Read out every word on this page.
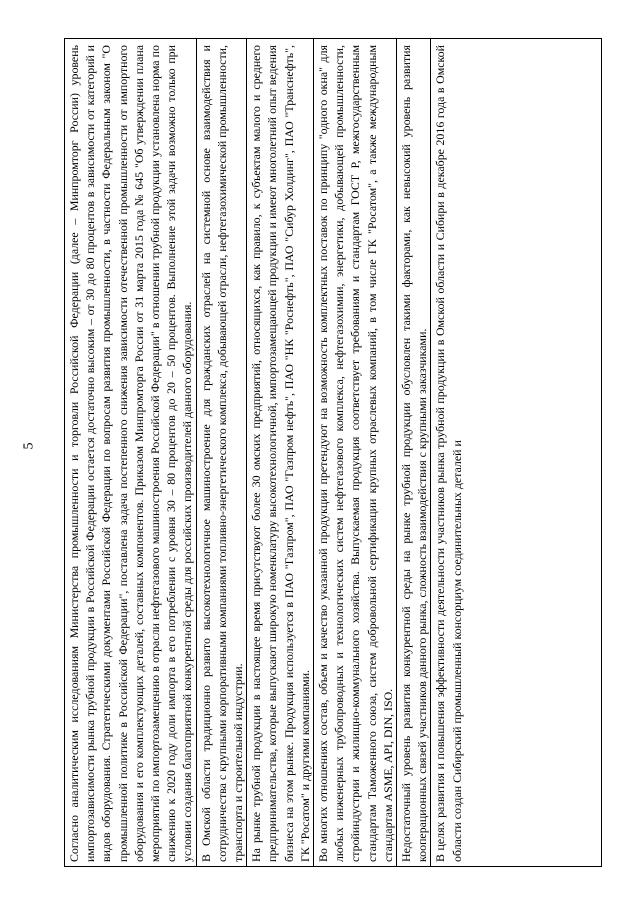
5	Согласно аналитическим исследованиям Министерства промышленности и торговли Российской Федерации (далее – Минпромторг России) уровень импортозависимости рынка трубной продукции в Российской Федерации остается достаточно высоким – от 30 до 80 процентов в зависимости от категорий и видов оборудования. Стратегическими документами Российской Федерации по вопросам развития промышленности, в частности Федеральным законом "О промышленной политике в Российской Федерации", поставлена задача постепенного снижения зависимости отечественной промышленности от импортного оборудования и его комплектующих деталей, составных компонентов. Приказом Минпромторга России от 31 марта 2015 года № 645 "Об утверждении плана мероприятий по импортозамещению в отрасли нефтегазового машиностроения Российской Федерации" в отношении трубной продукции установлена норма по снижению к 2020 году доли импорта в его потреблении с уровня 30 – 80 процентов до 20 – 50 процентов. Выполнение этой задачи возможно только при условии создания благоприятной конкурентной среды для российских производителей данного оборудования. В Омской области традиционно развито высокотехнологичное машиностроение для гражданских отраслей на системной основе взаимодействия и сотрудничества с крупными корпоративными компаниями топливно-энергетического комплекса, добывающей отрасли, нефтегазохимической промышленности, транспорта и строительной индустрии. На рынке трубной продукции в настоящее время присутствуют более 30 омских предприятий, относящихся, как правило, к субъектам малого и среднего предпринимательства, которые выпускают широкую номенклатуру высокотехнологичной, импортозамещающей продукции и имеют многолетний опыт ведения бизнеса на этом рынке. Продукция используется в ПАО "Газпром", ПАО "Газпром нефть", ПАО "НК "Роснефть", ПАО "Сибур Холдинг", ПАО "Транснефть", ГК "Росатом" и другими компаниями. Во многих отношениях состав, объем и качество указанной продукции претендуют на возможность комплектных поставок по принципу "одного окна" для любых инженерных трубопроводных и технологических систем нефтегазового комплекса, нефтегазохимии, энергетики, добывающей промышленности, стройиндустрии и жилищно-коммунального хозяйства. Выпускаемая продукция соответствует требованиям и стандартам ГОСТ Р, межгосударственным стандартам Таможенного союза, систем добровольной сертификации крупных отраслевых компаний, в том числе ГК "Росатом", а также международным стандартам ASME, API, DIN, ISO. Недостаточный уровень развития конкурентной среды на рынке трубной продукции обусловлен такими факторами, как невысокий уровень развития кооперационных связей участников данного рынка, сложность взаимодействия с крупными заказчиками. В целях развития и повышения эффективности деятельности участников рынка трубной продукции в Омской области и Сибири в декабре 2016 года в Омской области создан Сибирский промышленный консорциум соединительных деталей и
